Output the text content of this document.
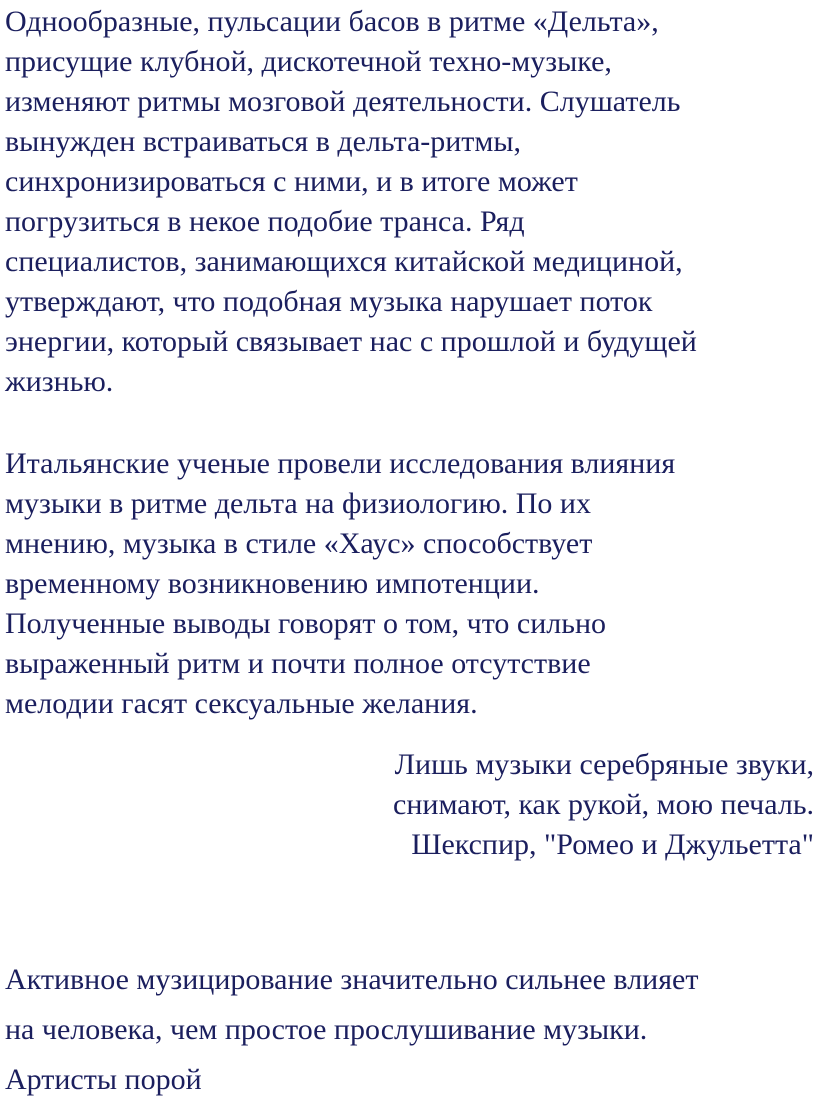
Однообразные, пульсации басов в ритме «Дельта»,
присущие клубной, дискотечной техно-музыке,
изменяют ритмы мозговой деятельности. Слушатель
вынужден встраиваться в дельта-ритмы,
синхронизироваться с ними, и в итоге может
погрузиться в некое подобие транса. Ряд
специалистов, занимающихся китайской медициной,
утверждают, что подобная музыка нарушает поток
энергии, который связывает нас с прошлой и будущей
жизнью.

Итальянские ученые провели исследования влияния
музыки в ритме дельта на физиологию. По их
мнению, музыка в стиле «Хаус» способствует
временному возникновению импотенции.
Полученные выводы говорят о том, что сильно
выраженный ритм и почти полное отсутствие
мелодии гасят сексуальные желания.

Лишь музыки серебряные звуки,
снимают, как рукой, мою печаль.
Шекспир, "Ромео и Джульетта"

Активное музицирование значительно сильнее влияет
на человека, чем простое прослушивание музыки.
Артисты порой
